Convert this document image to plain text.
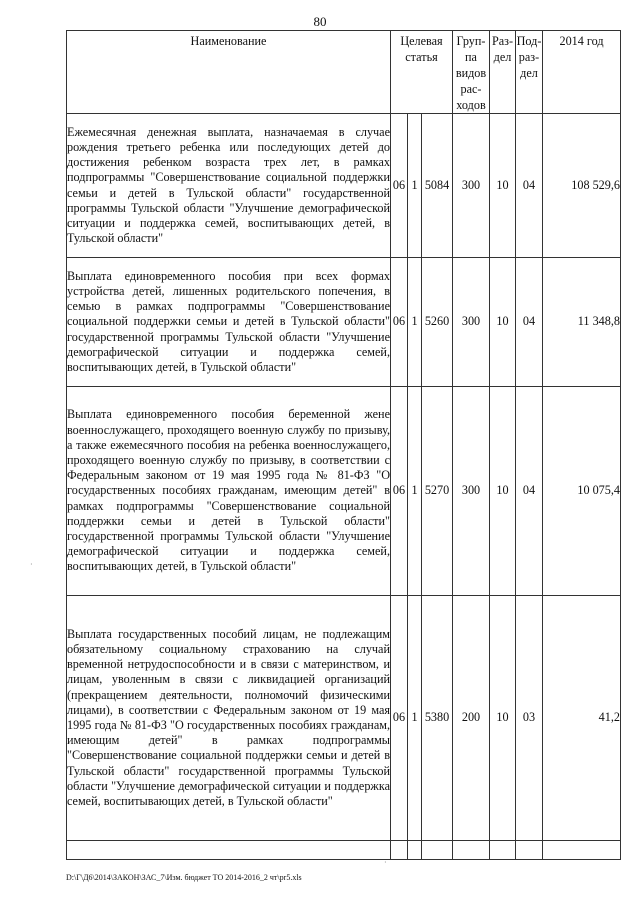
80
Наименование	Целевая статья			Груп-па видов рас-ходов	Раз-дел	Под-раз-дел	2014 год
Ежемесячная денежная выплата, назначаемая в случае рождения третьего ребенка или последующих детей до достижения ребенком возраста трех лет, в рамках подпрограммы "Совершенствование социальной поддержки семьи и детей в Тульской области" государственной программы Тульской области "Улучшение демографической ситуации и поддержка семей, воспитывающих детей, в Тульской области"	06	1	5084	300	10	04	108 529,6
Выплата единовременного пособия при всех формах устройства детей, лишенных родительского попечения, в семью в рамках подпрограммы "Совершенствование социальной поддержки семьи и детей в Тульской области" государственной программы Тульской области "Улучшение демографической ситуации и поддержка семей, воспитывающих детей, в Тульской области"	06	1	5260	300	10	04	11 348,8
Выплата единовременного пособия беременной жене военнослужащего, проходящего военную службу по призыву, а также ежемесячного пособия на ребенка военнослужащего, проходящего военную службу по призыву, в соответствии с Федеральным законом от 19 мая 1995 года № 81-ФЗ "О государственных пособиях гражданам, имеющим детей" в рамках подпрограммы "Совершенствование социальной поддержки семьи и детей в Тульской области" государственной программы Тульской области "Улучшение демографической ситуации и поддержка семей, воспитывающих детей, в Тульской области"	06	1	5270	300	10	04	10 075,4
Выплата государственных пособий лицам, не подлежащим обязательному социальному страхованию на случай временной нетрудоспособности и в связи с материнством, и лицам, уволенным в связи с ликвидацией организаций (прекращением деятельности, полномочий физическими лицами), в соответствии с Федеральным законом от 19 мая 1995 года № 81-ФЗ "О государственных пособиях гражданам, имеющим детей" в рамках подпрограммы "Совершенствование социальной поддержки семьи и детей в Тульской области" государственной программы Тульской области "Улучшение демографической ситуации и поддержка семей, воспитывающих детей, в Тульской области"	06	1	5380	200	10	03	41,2

·
·
D:\Г\Д6\2014\ЗАКОН\ЗАС_7\Изм. бюджет ТО 2014-2016_2 чт\pr5.xls
